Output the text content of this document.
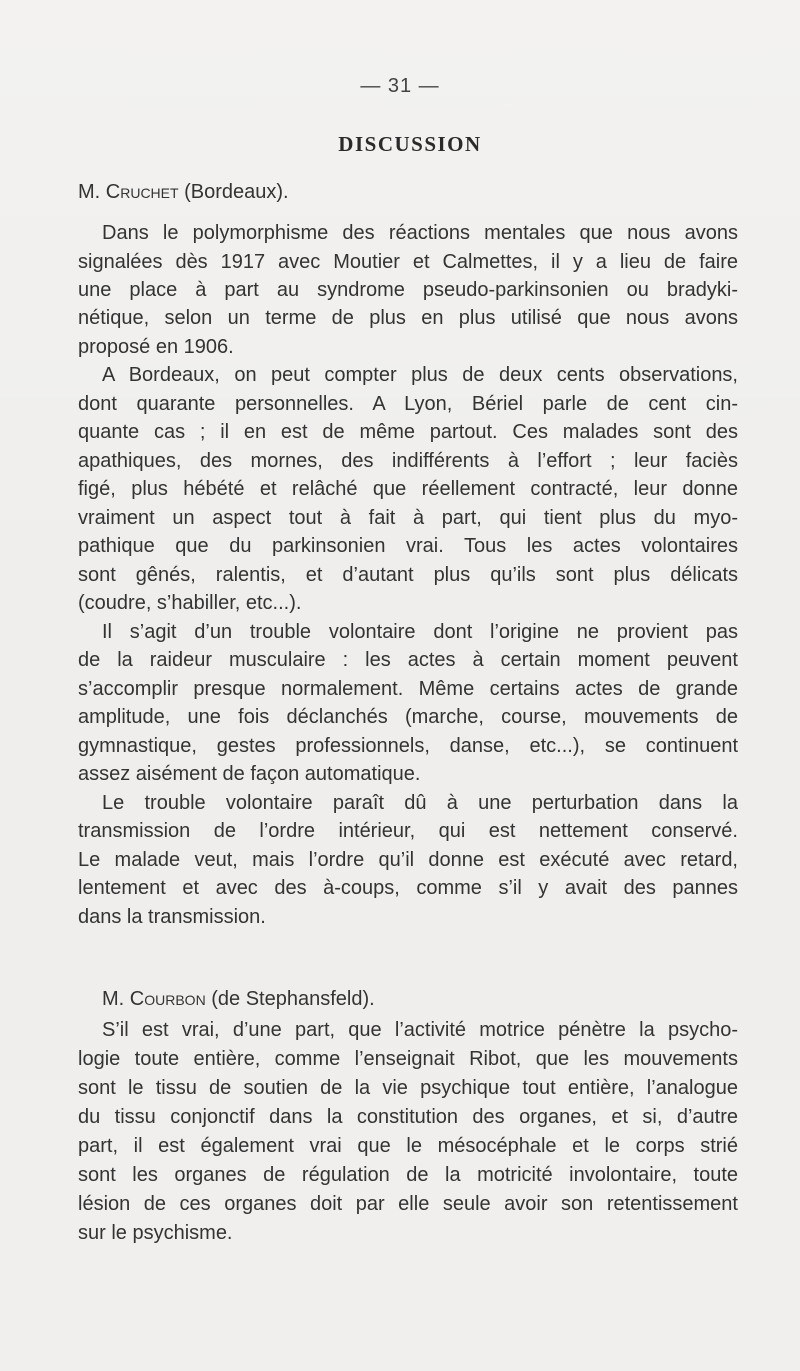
— 31 —
DISCUSSION
M. Cruchet (Bordeaux).
Dans le polymorphisme des réactions mentales que nous avons
signalées dès 1917 avec Moutier et Calmettes, il y a lieu de faire
une place à part au syndrome pseudo-parkinsonien ou bradyki-
nétique, selon un terme de plus en plus utilisé que nous avons
proposé en 1906.
A Bordeaux, on peut compter plus de deux cents observations,
dont quarante personnelles. A Lyon, Bériel parle de cent cin-
quante cas ; il en est de même partout. Ces malades sont des
apathiques, des mornes, des indifférents à l’effort ; leur faciès
figé, plus hébété et relâché que réellement contracté, leur donne
vraiment un aspect tout à fait à part, qui tient plus du myo-
pathique que du parkinsonien vrai. Tous les actes volontaires
sont gênés, ralentis, et d’autant plus qu’ils sont plus délicats
(coudre, s’habiller, etc...).
Il s’agit d’un trouble volontaire dont l’origine ne provient pas
de la raideur musculaire : les actes à certain moment peuvent
s’accomplir presque normalement. Même certains actes de grande
amplitude, une fois déclanchés (marche, course, mouvements de
gymnastique, gestes professionnels, danse, etc...), se continuent
assez aisément de façon automatique.
Le trouble volontaire paraît dû à une perturbation dans la
transmission de l’ordre intérieur, qui est nettement conservé.
Le malade veut, mais l’ordre qu’il donne est exécuté avec retard,
lentement et avec des à-coups, comme s’il y avait des pannes
dans la transmission.
M. Courbon (de Stephansfeld).
S’il est vrai, d’une part, que l’activité motrice pénètre la psycho-
logie toute entière, comme l’enseignait Ribot, que les mouvements
sont le tissu de soutien de la vie psychique tout entière, l’analogue
du tissu conjonctif dans la constitution des organes, et si, d’autre
part, il est également vrai que le mésocéphale et le corps strié
sont les organes de régulation de la motricité involontaire, toute
lésion de ces organes doit par elle seule avoir son retentissement
sur le psychisme.
